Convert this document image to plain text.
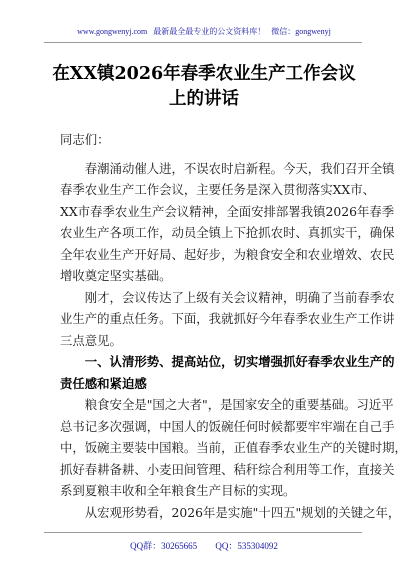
www.gongwenyj.com 最新最全最专业的公文资料库！ 微信：gongwenyj
在XX镇2026年春季农业生产工作会议
上的讲话
同志们：
　　春潮涌动催人进，不误农时启新程。今天，我们召开全镇
春季农业生产工作会议，主要任务是深入贯彻落实XX市、
XX市春季农业生产会议精神，全面安排部署我镇2026年春季
农业生产各项工作，动员全镇上下抢抓农时、真抓实干，确保
全年农业生产开好局、起好步，为粮食安全和农业增效、农民
增收奠定坚实基础。
　　刚才，会议传达了上级有关会议精神，明确了当前春季农
业生产的重点任务。下面，我就抓好今年春季农业生产工作讲
三点意见。
　　一、认清形势、提高站位，切实增强抓好春季农业生产的
责任感和紧迫感
　　粮食安全是"国之大者"，是国家安全的重要基础。习近平
总书记多次强调，中国人的饭碗任何时候都要牢牢端在自己手
中，饭碗主要装中国粮。当前，正值春季农业生产的关键时期，
抓好春耕备耕、小麦田间管理、秸秆综合利用等工作，直接关
系到夏粮丰收和全年粮食生产目标的实现。
　　从宏观形势看，2026年是实施"十四五"规划的关键之年，
QQ群：30265665 QQ：535304092
